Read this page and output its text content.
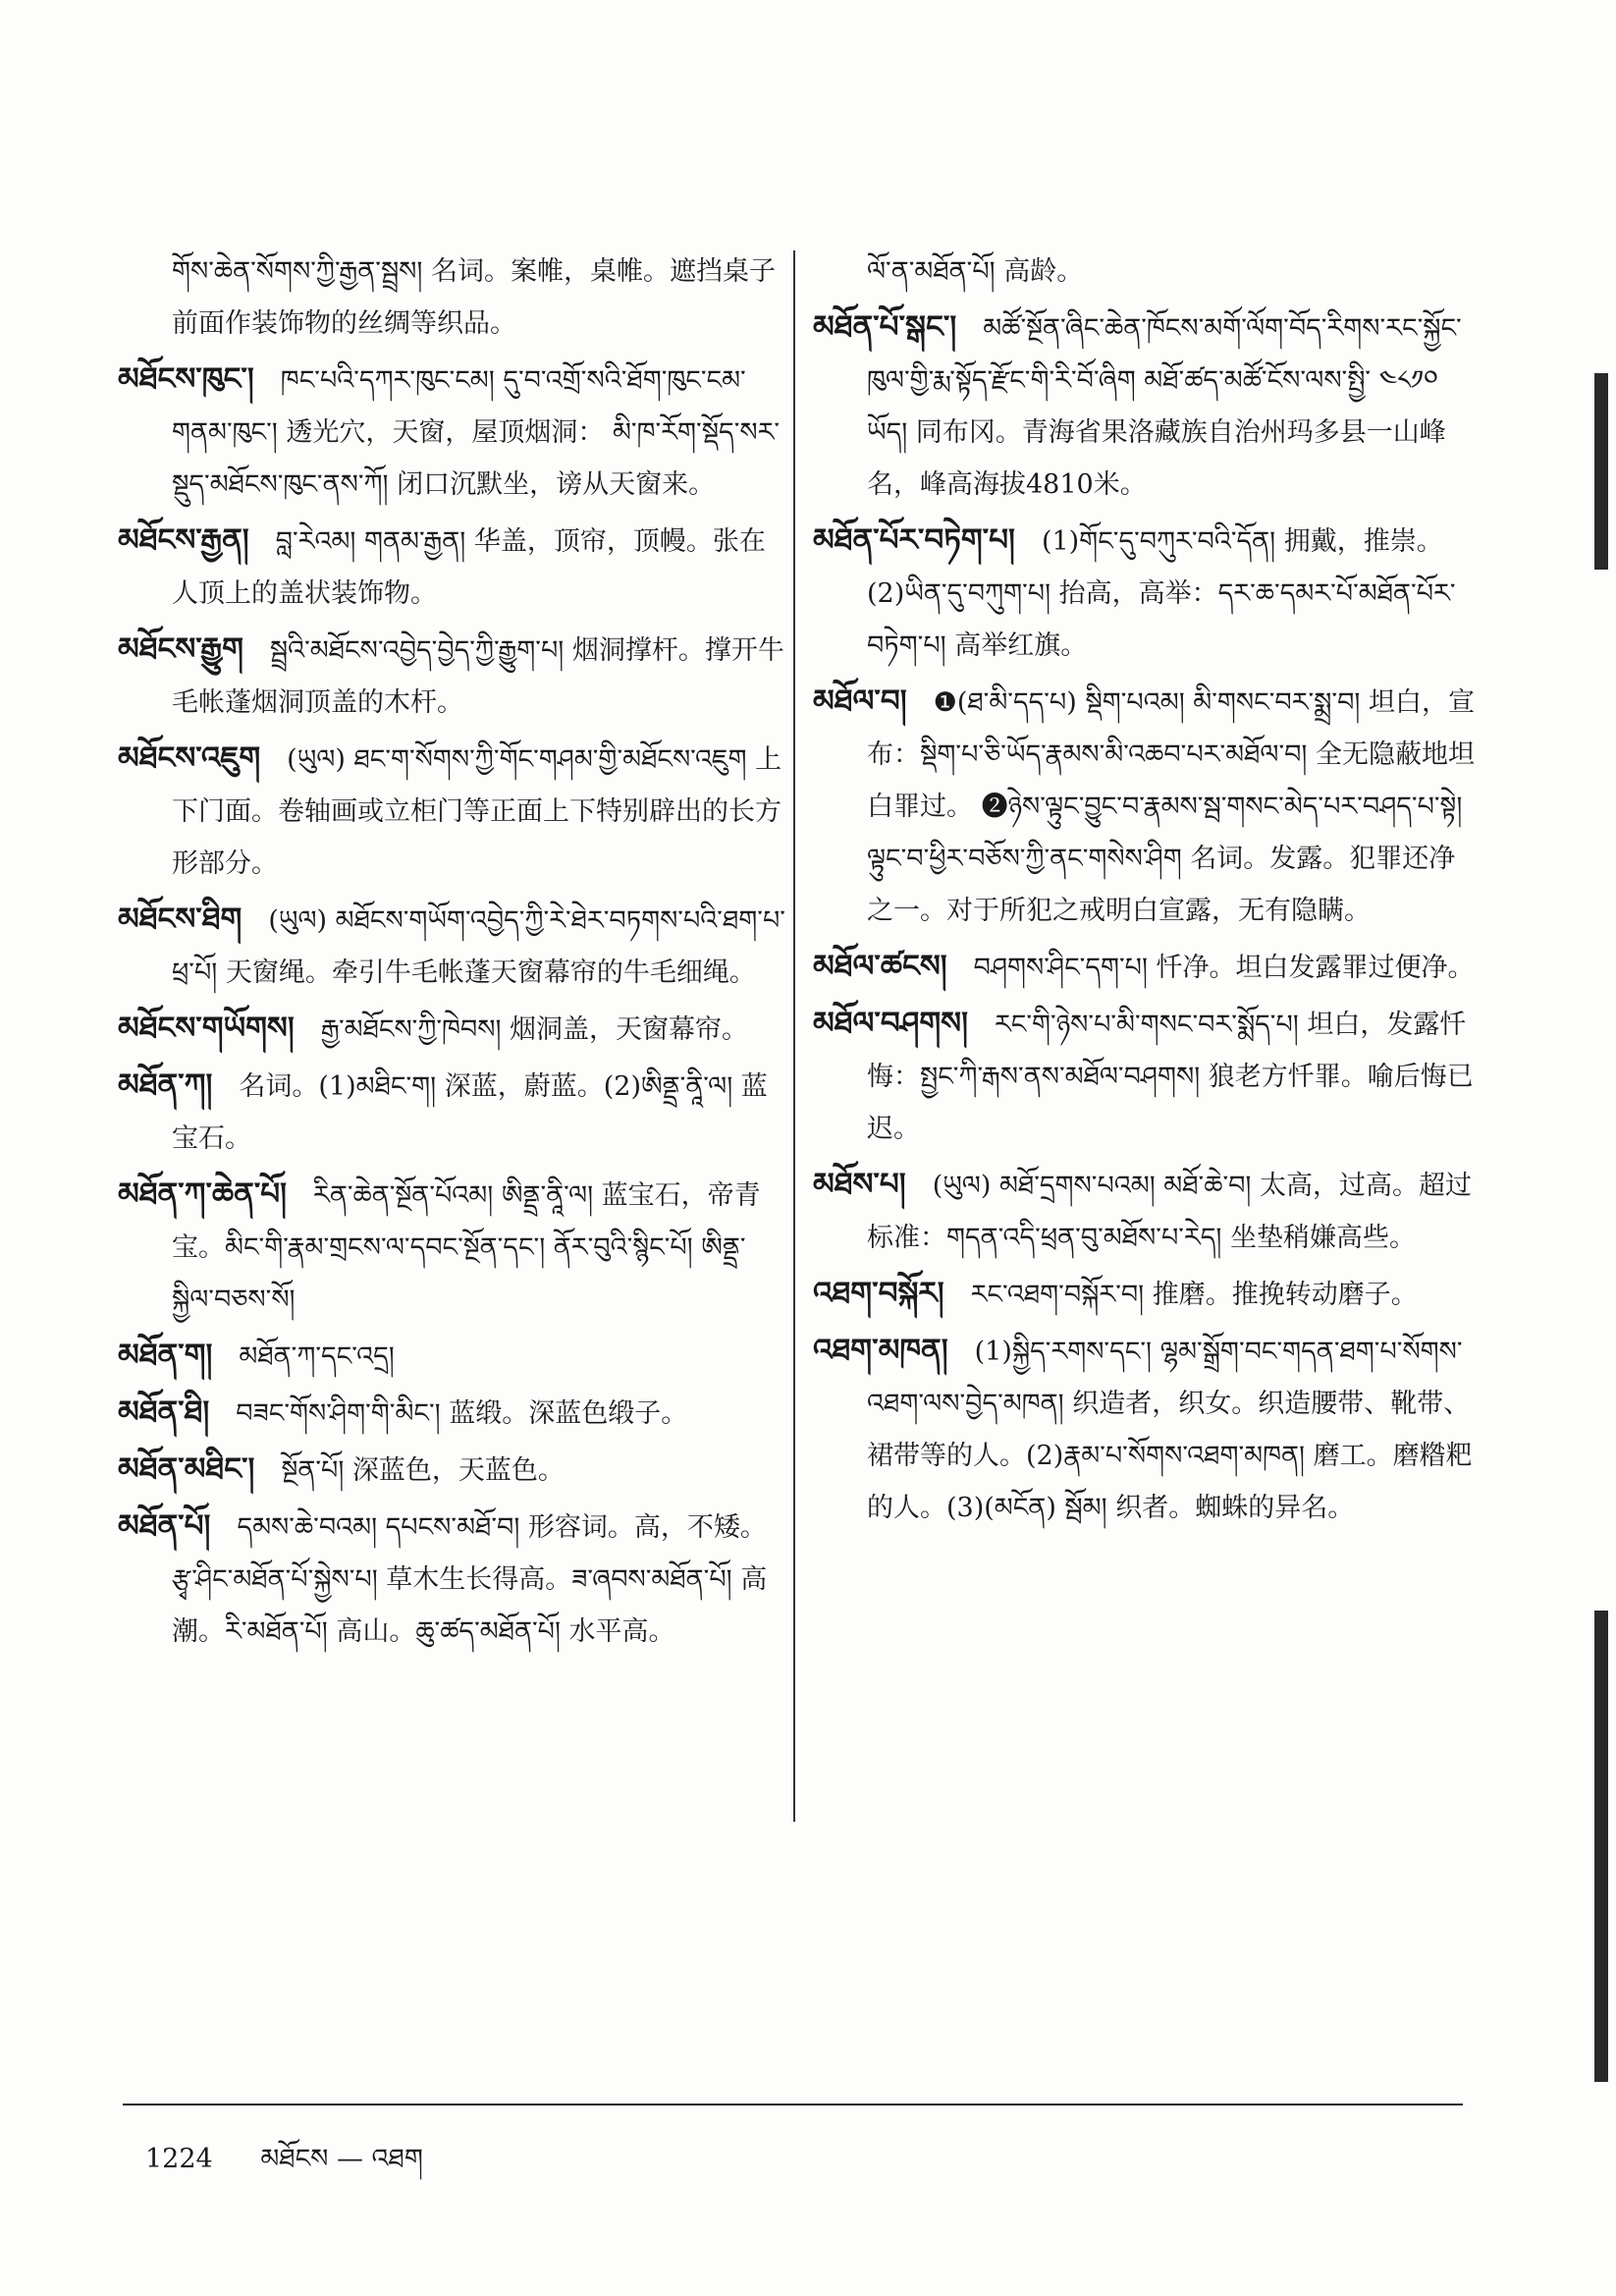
གོས་ཆེན་སོགས་ཀྱི་རྒྱན་སྦྲས། 名词。案帷，桌帷。遮挡桌子前面作装饰物的丝绸等织品。

མཐོངས་ཁུང་།  ཁང་པའི་དཀར་ཁུང་ངམ། དུ་བ་འགྲོ་སའི་ཐོག་ཁུང་ངམ་གནམ་ཁུང་། 透光穴，天窗，屋顶烟洞： མི་ཁ་རོག་སྡོད་སར་སྡུད་མཐོངས་ཁུང་ནས་ཀོ། 闭口沉默坐，谤从天窗来。

མཐོངས་རྒྱན།  བླ་རེའམ། གནམ་རྒྱན། 华盖，顶帘，顶幔。张在人顶上的盖状装饰物。

མཐོངས་རྒྱུག  སྦྲའི་མཐོངས་འབྱེད་བྱེད་ཀྱི་རྒྱུག་པ། 烟洞撑杆。撑开牛毛帐蓬烟洞顶盖的木杆。

མཐོངས་འཇུག  (ཡུལ) ཐང་ག་སོགས་ཀྱི་གོང་གཤམ་གྱི་མཐོངས་འཇུག 上下门面。卷轴画或立柜门等正面上下特别辟出的长方形部分。

མཐོངས་ཐིག  (ཡུལ) མཐོངས་གཡོག་འབྱེད་ཀྱི་རེ་ཐེར་བཏགས་པའི་ཐག་པ་ཕྲ་པོ། 天窗绳。牵引牛毛帐蓬天窗幕帘的牛毛细绳。

མཐོངས་གཡོགས།  རྒྱ་མཐོངས་ཀྱི་ཁེབས། 烟洞盖，天窗幕帘。

མཐོན་ཀ།  名词。(1)མཐིང་ག། 深蓝，蔚蓝。(2)ཨིནྡྲ་ནཱི་ལ། 蓝宝石。

མཐོན་ཀ་ཆེན་པོ།  རིན་ཆེན་སྔོན་པོའམ། ཨིནྡྲ་ནཱི་ལ། 蓝宝石，帝青宝。མིང་གི་རྣམ་གྲངས་ལ་དབང་སྔོན་དང་། ནོར་བུའི་སྙིང་པོ། ཨིནྡྲ་སྐྱིལ་བཅས་སོ།

མཐོན་ག།  མཐོན་ཀ་དང་འདྲ།

མཐོན་ཐི།  བཟང་གོས་ཤིག་གི་མིང་། 蓝缎。深蓝色缎子。

མཐོན་མཐིང་།  སྔོན་པོ། 深蓝色，天蓝色。

མཐོན་པོ།  དམས་ཆེ་བའམ། དཔངས་མཐོ་བ། 形容词。高，不矮。རྩྭ་ཤིང་མཐོན་པོ་སྐྱེས་པ། 草木生长得高。ཟ་ཞབས་མཐོན་པོ། 高潮。རི་མཐོན་པོ། 高山。ཆུ་ཚད་མཐོན་པོ། 水平高。

ལོ་ན་མཐོན་པོ། 高龄。

མཐོན་པོ་སྒང་།  མཚོ་སྔོན་ཞིང་ཆེན་ཁོངས་མགོ་ལོག་བོད་རིགས་རང་སྐྱོང་ཁུལ་གྱི་རྨ་སྟོད་རྫོང་གི་རི་བོ་ཞིག མཐོ་ཚད་མཚོ་ངོས་ལས་སྤྱི་ ༤༨༡༠ ཡོད། 同布冈。青海省果洛藏族自治州玛多县一山峰名，峰高海拔4810米。

མཐོན་པོར་བཏེག་པ།  (1)གོང་དུ་བཀུར་བའི་དོན། 拥戴，推崇。(2)ཡིན་དུ་བཀུག་པ། 抬高，高举：དར་ཆ་དམར་པོ་མཐོན་པོར་བཏེག་པ། 高举红旗。

མཐོལ་བ།  ❶(ཐ་མི་དད་པ) སྡིག་པའམ། མི་གསང་བར་སྨྲ་བ། 坦白，宣布：སྡིག་པ་ཅི་ཡོད་རྣམས་མི་འཆབ་པར་མཐོལ་བ། 全无隐蔽地坦白罪过。 ❷ཉེས་ལྟུང་བྱུང་བ་རྣམས་སྦ་གསང་མེད་པར་བཤད་པ་སྟེ། ལྟུང་བ་ཕྱིར་བཅོས་ཀྱི་ནང་གསེས་ཤིག 名词。发露。犯罪还净之一。对于所犯之戒明白宣露，无有隐瞒。

མཐོལ་ཚངས།  བཤགས་ཤིང་དག་པ། 忏净。坦白发露罪过便净。

མཐོལ་བཤགས།  རང་གི་ཉེས་པ་མི་གསང་བར་སྨོད་པ། 坦白，发露忏悔：སྤྱང་ཀི་རྒས་ནས་མཐོལ་བཤགས། 狼老方忏罪。喻后悔已迟。

མཐོས་པ།  (ཡུལ) མཐོ་དྲགས་པའམ། མཐོ་ཆེ་བ། 太高，过高。超过标准：གདན་འདི་ཕྲན་བུ་མཐོས་པ་རེད། 坐垫稍嫌高些。

འཐག་བསྐོར།  རང་འཐག་བསྐོར་བ། 推磨。推挽转动磨子。

འཐག་མཁན།  (1)སྐྱིད་རགས་དང་། ལྷམ་སྒྲོག་བང་གདན་ཐག་པ་སོགས་འཐག་ལས་བྱེད་མཁན། 织造者，织女。织造腰带、靴带、裙带等的人。(2)རྣམ་པ་སོགས་འཐག་མཁན། 磨工。磨糌粑的人。(3)(མངོན) སྦོམ། 织者。蜘蛛的异名。

1224 མཐོངས — འཐག
